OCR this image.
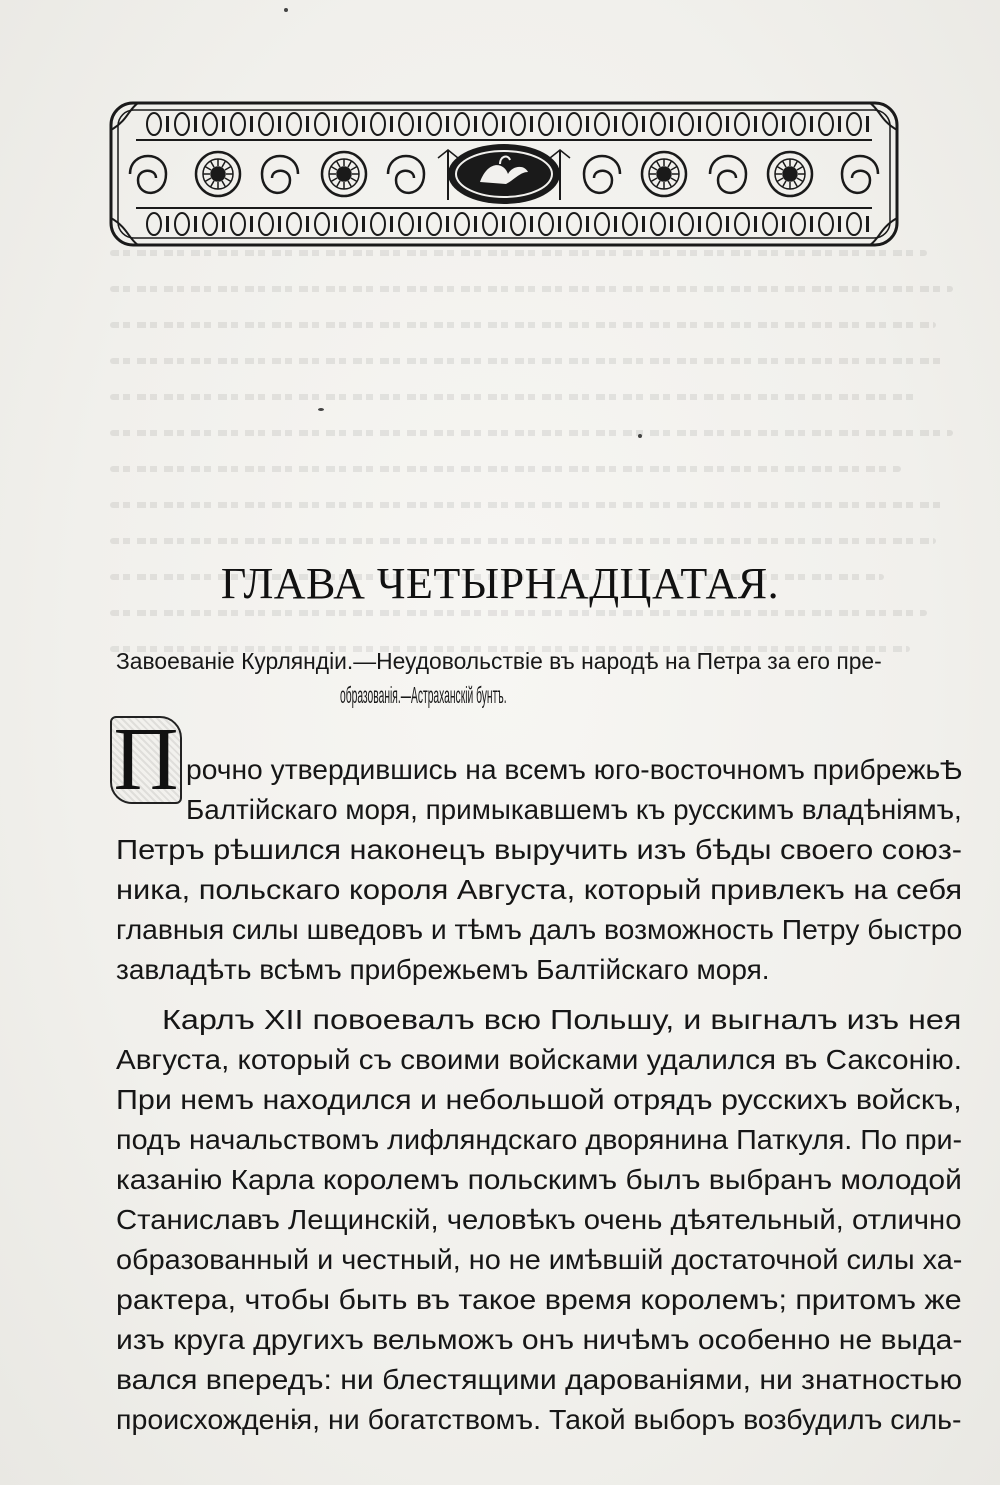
ГЛАВА ЧЕТЫРНАДЦАТАЯ.
Завоеваніе Курляндіи.—Неудовольствіе въ народѣ на Петра за его пре-
образованія.—Астраханскій бунтъ.
П рочно утвердившись на всемъ юго-восточномъ прибрежьѢ
Балтійскаго моря, примыкавшемъ къ русскимъ владѣніямъ,
Петръ рѣшился наконецъ выручить изъ бѣды своего союз-
ника, польскаго короля Августа, который привлекъ на себя
главныя силы шведовъ и тѣмъ далъ возможность Петру быстро
завладѣть всѣмъ прибрежьемъ Балтійскаго моря.
Карлъ XII повоевалъ всю Польшу, и выгналъ изъ нея
Августа, который съ своими войсками удалился въ Саксонію.
При немъ находился и небольшой отрядъ русскихъ войскъ,
подъ начальствомъ лифляндскаго дворянина Паткуля. По при-
казанію Карла королемъ польскимъ былъ выбранъ молодой
Станиславъ Лещинскій, человѣкъ очень дѣятельный, отлично
образованный и честный, но не имѣвшій достаточной силы ха-
рактера, чтобы быть въ такое время королемъ; притомъ же
изъ круга другихъ вельможъ онъ ничѣмъ особенно не выда-
вался впередъ: ни блестящими дарованіями, ни знатностью
происхожденія, ни богатствомъ. Такой выборъ возбудилъ силь-
